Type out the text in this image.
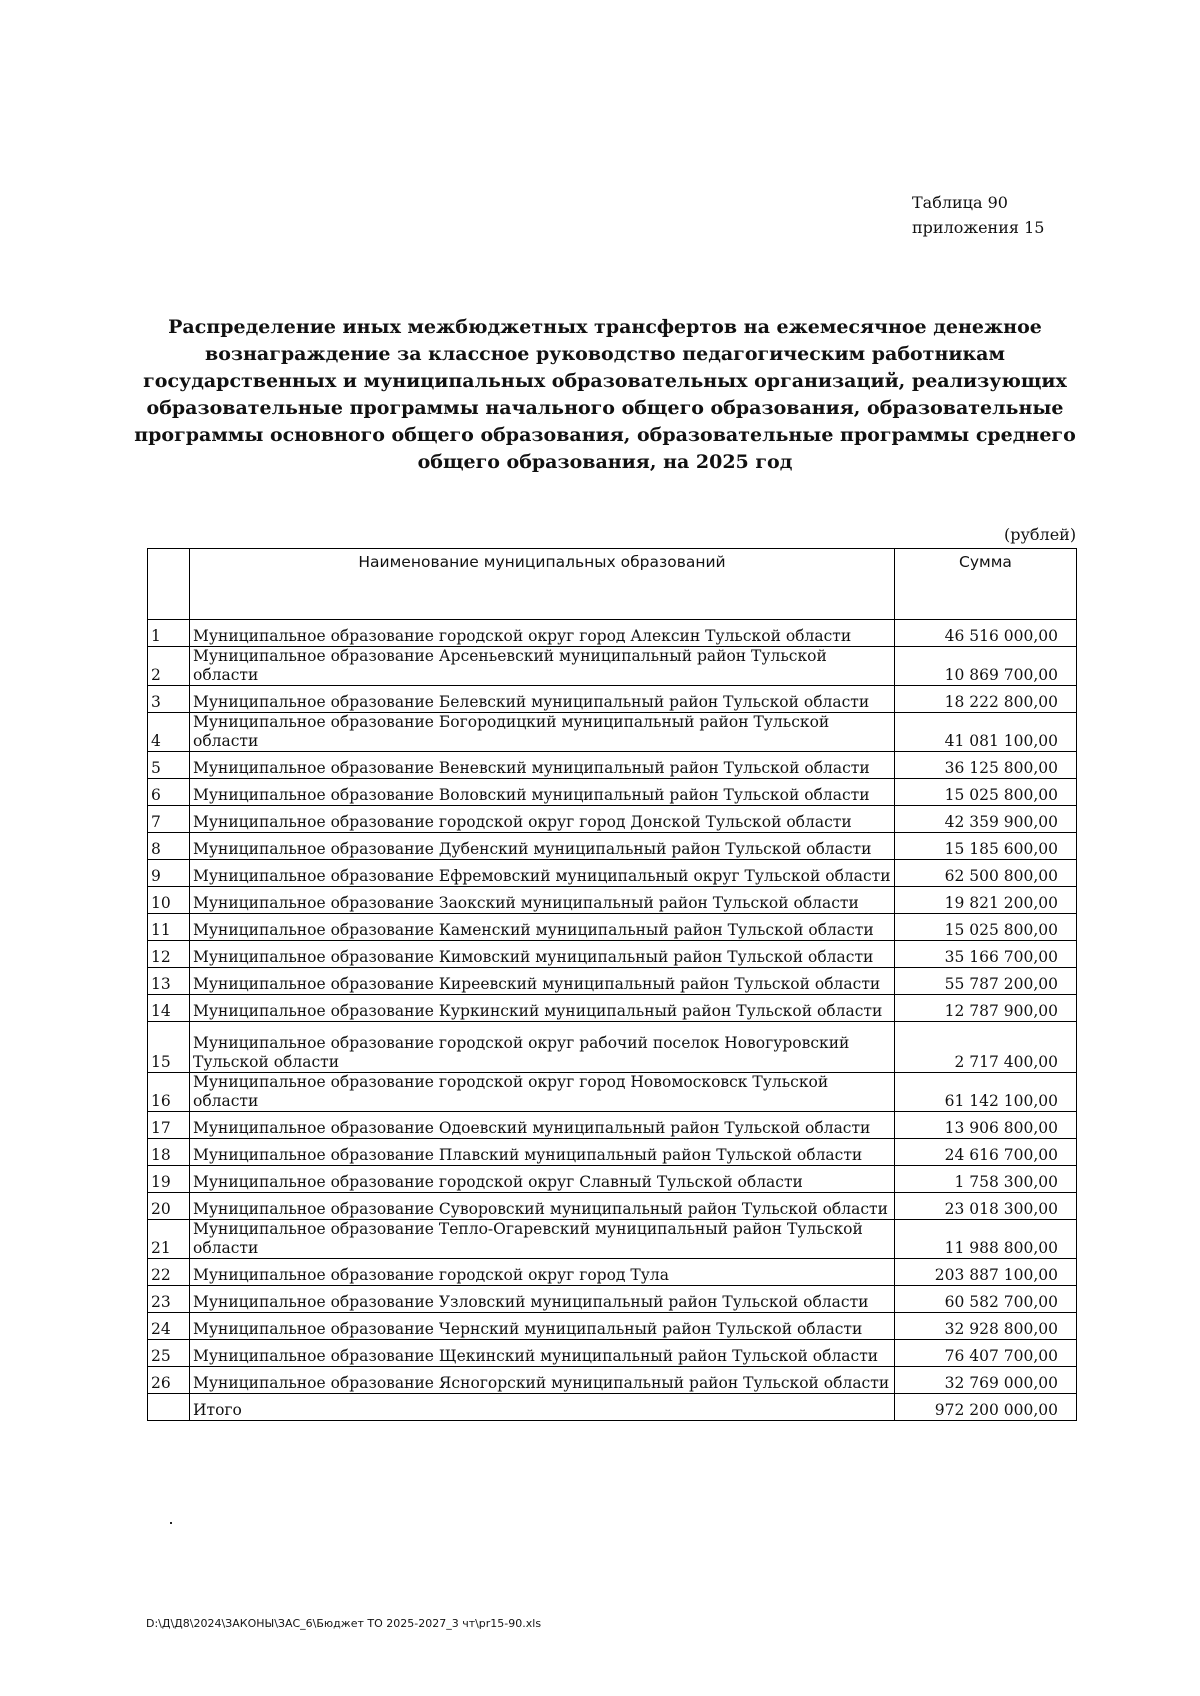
Таблица 90
приложения 15
Распределение иных межбюджетных трансфертов на ежемесячное денежное вознаграждение за классное руководство педагогическим работникам государственных и муниципальных образовательных организаций, реализующих образовательные программы начального общего образования, образовательные программы основного общего образования, образовательные программы среднего общего образования, на 2025 год
(рублей)
	Наименование муниципальных образований	Сумма
1	Муниципальное образование городской округ город Алексин Тульской области	46 516 000,00
2	Муниципальное образование Арсеньевский муниципальный район Тульской области	10 869 700,00
3	Муниципальное образование Белевский муниципальный район Тульской области	18 222 800,00
4	Муниципальное образование Богородицкий муниципальный район Тульской области	41 081 100,00
5	Муниципальное образование Веневский муниципальный район Тульской области	36 125 800,00
6	Муниципальное образование Воловский муниципальный район Тульской области	15 025 800,00
7	Муниципальное образование городской округ город Донской Тульской области	42 359 900,00
8	Муниципальное образование Дубенский муниципальный район Тульской области	15 185 600,00
9	Муниципальное образование Ефремовский муниципальный округ Тульской области	62 500 800,00
10	Муниципальное образование Заокский муниципальный район Тульской области	19 821 200,00
11	Муниципальное образование Каменский муниципальный район Тульской области	15 025 800,00
12	Муниципальное образование Кимовский муниципальный район Тульской области	35 166 700,00
13	Муниципальное образование Киреевский муниципальный район Тульской области	55 787 200,00
14	Муниципальное образование Куркинский муниципальный район Тульской области	12 787 900,00
15	Муниципальное образование городской округ рабочий поселок Новогуровский Тульской области	2 717 400,00
16	Муниципальное образование городской округ город Новомосковск Тульской области	61 142 100,00
17	Муниципальное образование Одоевский муниципальный район Тульской области	13 906 800,00
18	Муниципальное образование Плавский муниципальный район Тульской области	24 616 700,00
19	Муниципальное образование городской округ Славный Тульской области	1 758 300,00
20	Муниципальное образование Суворовский муниципальный район Тульской области	23 018 300,00
21	Муниципальное образование Тепло-Огаревский муниципальный район Тульской области	11 988 800,00
22	Муниципальное образование городской округ город Тула	203 887 100,00
23	Муниципальное образование Узловский муниципальный район Тульской области	60 582 700,00
24	Муниципальное образование Чернский муниципальный район Тульской области	32 928 800,00
25	Муниципальное образование Щекинский муниципальный район Тульской области	76 407 700,00
26	Муниципальное образование Ясногорский муниципальный район Тульской области	32 769 000,00
	Итого	972 200 000,00
D:\Д\Д8\2024\ЗАКОНЫ\ЗАС_6\Бюджет ТО 2025-2027_3 чт\pr15-90.xls
